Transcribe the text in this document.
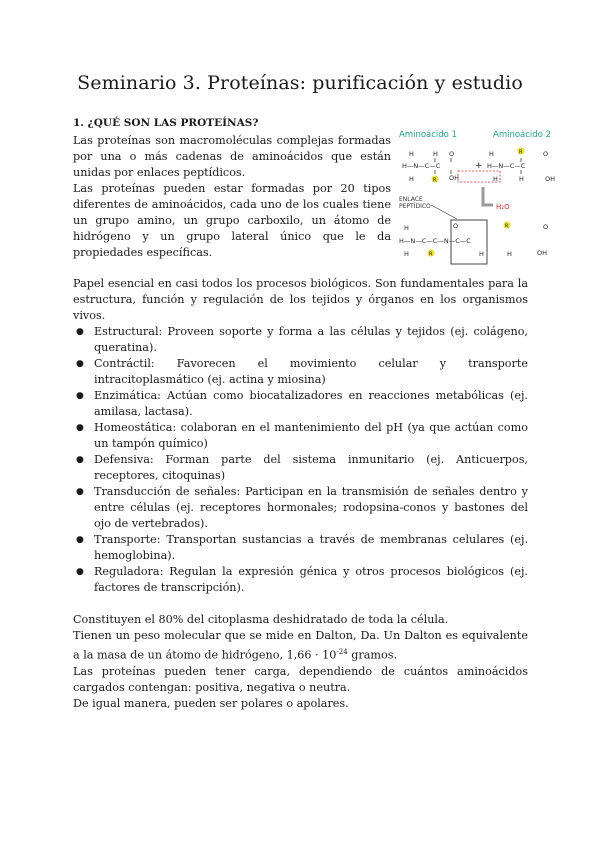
Seminario 3. Proteínas: purificación y estudio
1. ¿QUÉ SON LAS PROTEÍNAS?

Las proteínas son macromoléculas complejas formadas por una o más cadenas de aminoácidos que están unidas por enlaces peptídicos.

Las proteínas pueden estar formadas por 20 tipos diferentes de aminoácidos, cada uno de los cuales tiene un grupo amino, un grupo carboxilo, un átomo de hidrógeno y un grupo lateral único que le da propiedades específicas.

Aminoácido 1	Aminoácido 2
H
H—N—C—C
H
H
R
O
OH
+
H
H—N—C—C
H
R
H
O
OH
H₂O
ENLACE
PEPTÍDICO
H
H—N—C—C—N—C—C
H	R
O
H
R
H
O
OH

Papel esencial en casi todos los procesos biológicos. Son fundamentales para la estructura, función y regulación de los tejidos y órganos en los organismos vivos.

● Estructural: Proveen soporte y forma a las células y tejidos (ej. colágeno, queratina).
● Contráctil: Favorecen el movimiento celular y transporte intracitoplasmático (ej. actina y miosina)
● Enzimática: Actúan como biocatalizadores en reacciones metabólicas (ej. amilasa, lactasa).
● Homeostática: colaboran en el mantenimiento del pH (ya que actúan como un tampón químico)
● Defensiva: Forman parte del sistema inmunitario (ej. Anticuerpos, receptores, citoquinas)
● Transducción de señales: Participan en la transmisión de señales dentro y entre células (ej. receptores hormonales; rodopsina-conos y bastones del ojo de vertebrados).
● Transporte: Transportan sustancias a través de membranas celulares (ej. hemoglobina).
● Reguladora: Regulan la expresión génica y otros procesos biológicos (ej. factores de transcripción).

Constituyen el 80% del citoplasma deshidratado de toda la célula.

Tienen un peso molecular que se mide en Dalton, Da. Un Dalton es equivalente a la masa de un átomo de hidrógeno, $1,66 \cdot 10^{-24}$ gramos.

Las proteínas pueden tener carga, dependiendo de cuántos aminoácidos cargados contengan: positiva, negativa o neutra.

De igual manera, pueden ser polares o apolares.
